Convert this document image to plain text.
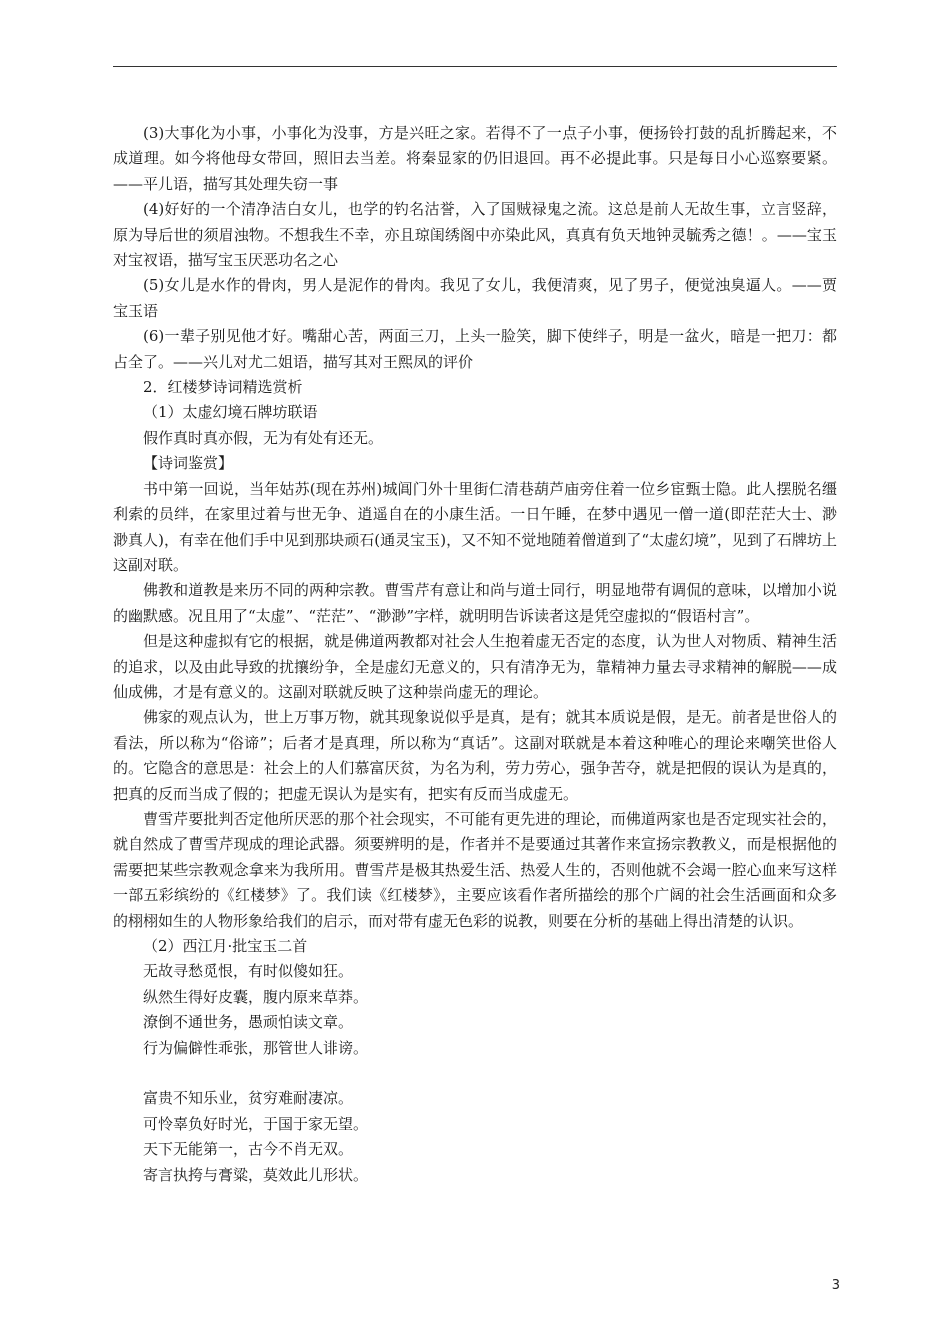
(3)大事化为小事，小事化为没事，方是兴旺之家。若得不了一点子小事，便扬铃打鼓的乱折腾起来，不成道理。如今将他母女带回，照旧去当差。将秦显家的仍旧退回。再不必提此事。只是每日小心巡察要紧。——平儿语，描写其处理失窃一事

(4)好好的一个清净洁白女儿，也学的钓名沽誉，入了国贼禄鬼之流。这总是前人无故生事，立言竖辞，原为导后世的须眉浊物。不想我生不幸，亦且琼闺绣阁中亦染此风，真真有负天地钟灵毓秀之德！。——宝玉对宝衩语，描写宝玉厌恶功名之心

(5)女儿是水作的骨肉，男人是泥作的骨肉。我见了女儿，我便清爽，见了男子，便觉浊臭逼人。——贾宝玉语

(6)一辈子别见他才好。嘴甜心苦，两面三刀，上头一脸笑，脚下使绊子，明是一盆火，暗是一把刀：都占全了。——兴儿对尤二姐语，描写其对王熙凤的评价

2．红楼梦诗词精选赏析

（1）太虚幻境石牌坊联语

假作真时真亦假，无为有处有还无。

【诗词鉴赏】

书中第一回说，当年姑苏(现在苏州)城阊门外十里街仁清巷葫芦庙旁住着一位乡宦甄士隐。此人摆脱名缰利索的员绊，在家里过着与世无争、逍遥自在的小康生活。一日午睡，在梦中遇见一僧一道(即茫茫大士、渺渺真人)，有幸在他们手中见到那块顽石(通灵宝玉)，又不知不觉地随着僧道到了“太虚幻境”，见到了石牌坊上这副对联。

佛教和道教是来历不同的两种宗教。曹雪芹有意让和尚与道士同行，明显地带有调侃的意味，以增加小说的幽默感。况且用了“太虚”、“茫茫”、“渺渺”字样，就明明告诉读者这是凭空虚拟的“假语村言”。

但是这种虚拟有它的根据，就是佛道两教都对社会人生抱着虚无否定的态度，认为世人对物质、精神生活的追求，以及由此导致的扰攘纷争，全是虚幻无意义的，只有清净无为，靠精神力量去寻求精神的解脱——成仙成佛，才是有意义的。这副对联就反映了这种崇尚虚无的理论。

佛家的观点认为，世上万事万物，就其现象说似乎是真，是有；就其本质说是假，是无。前者是世俗人的看法，所以称为“俗谛”；后者才是真理，所以称为“真话”。这副对联就是本着这种唯心的理论来嘲笑世俗人的。它隐含的意思是：社会上的人们慕富厌贫，为名为利，劳力劳心，强争苦夺，就是把假的误认为是真的，把真的反而当成了假的；把虚无误认为是实有，把实有反而当成虚无。

曹雪芹要批判否定他所厌恶的那个社会现实，不可能有更先进的理论，而佛道两家也是否定现实社会的，就自然成了曹雪芹现成的理论武器。须要辨明的是，作者并不是要通过其著作来宣扬宗教教义，而是根据他的需要把某些宗教观念拿来为我所用。曹雪芹是极其热爱生活、热爱人生的，否则他就不会竭一腔心血来写这样一部五彩缤纷的《红楼梦》了。我们读《红楼梦》，主要应该看作者所描绘的那个广阔的社会生活画面和众多的栩栩如生的人物形象给我们的启示，而对带有虚无色彩的说教，则要在分析的基础上得出清楚的认识。

（2）西江月·批宝玉二首

无故寻愁觅恨，有时似傻如狂。

纵然生得好皮囊，腹内原来草莽。

潦倒不通世务，愚顽怕读文章。

行为偏僻性乖张，那管世人诽谤。

富贵不知乐业，贫穷难耐凄凉。

可怜辜负好时光，于国于家无望。

天下无能第一，古今不肖无双。

寄言执挎与膏粱，莫效此儿形状。

3
